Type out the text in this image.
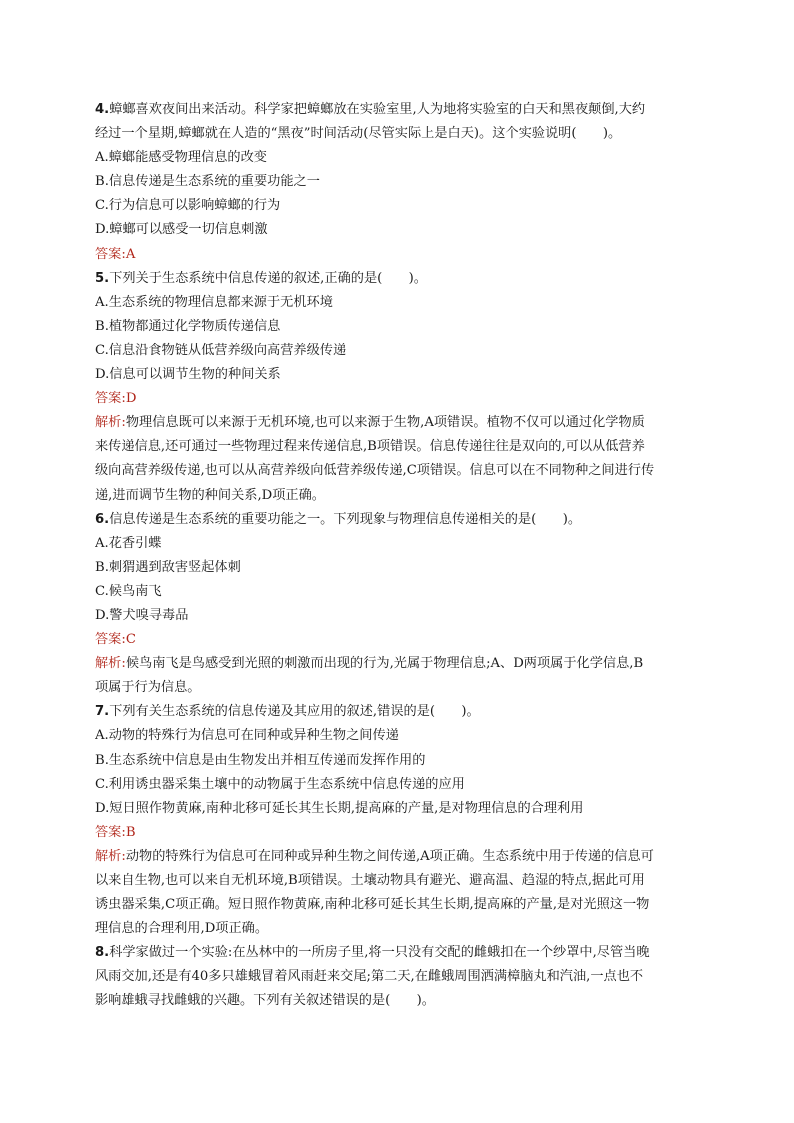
4.蟑螂喜欢夜间出来活动。科学家把蟑螂放在实验室里,人为地将实验室的白天和黑夜颠倒,大约
经过一个星期,蟑螂就在人造的“黑夜”时间活动(尽管实际上是白天)。这个实验说明(　　)。
A.蟑螂能感受物理信息的改变
B.信息传递是生态系统的重要功能之一
C.行为信息可以影响蟑螂的行为
D.蟑螂可以感受一切信息刺激
答案:A
5.下列关于生态系统中信息传递的叙述,正确的是(　　)。
A.生态系统的物理信息都来源于无机环境
B.植物都通过化学物质传递信息
C.信息沿食物链从低营养级向高营养级传递
D.信息可以调节生物的种间关系
答案:D
解析:物理信息既可以来源于无机环境,也可以来源于生物,A项错误。植物不仅可以通过化学物质
来传递信息,还可通过一些物理过程来传递信息,B项错误。信息传递往往是双向的,可以从低营养
级向高营养级传递,也可以从高营养级向低营养级传递,C项错误。信息可以在不同物种之间进行传
递,进而调节生物的种间关系,D项正确。
6.信息传递是生态系统的重要功能之一。下列现象与物理信息传递相关的是(　　)。
A.花香引蝶
B.刺猬遇到敌害竖起体刺
C.候鸟南飞
D.警犬嗅寻毒品
答案:C
解析:候鸟南飞是鸟感受到光照的刺激而出现的行为,光属于物理信息;A、D两项属于化学信息,B
项属于行为信息。
7.下列有关生态系统的信息传递及其应用的叙述,错误的是(　　)。
A.动物的特殊行为信息可在同种或异种生物之间传递
B.生态系统中信息是由生物发出并相互传递而发挥作用的
C.利用诱虫器采集土壤中的动物属于生态系统中信息传递的应用
D.短日照作物黄麻,南种北移可延长其生长期,提高麻的产量,是对物理信息的合理利用
答案:B
解析:动物的特殊行为信息可在同种或异种生物之间传递,A项正确。生态系统中用于传递的信息可
以来自生物,也可以来自无机环境,B项错误。土壤动物具有避光、避高温、趋湿的特点,据此可用
诱虫器采集,C项正确。短日照作物黄麻,南种北移可延长其生长期,提高麻的产量,是对光照这一物
理信息的合理利用,D项正确。
8.科学家做过一个实验:在丛林中的一所房子里,将一只没有交配的雌蛾扣在一个纱罩中,尽管当晚
风雨交加,还是有40多只雄蛾冒着风雨赶来交尾;第二天,在雌蛾周围洒满樟脑丸和汽油,一点也不
影响雄蛾寻找雌蛾的兴趣。下列有关叙述错误的是(　　)。
